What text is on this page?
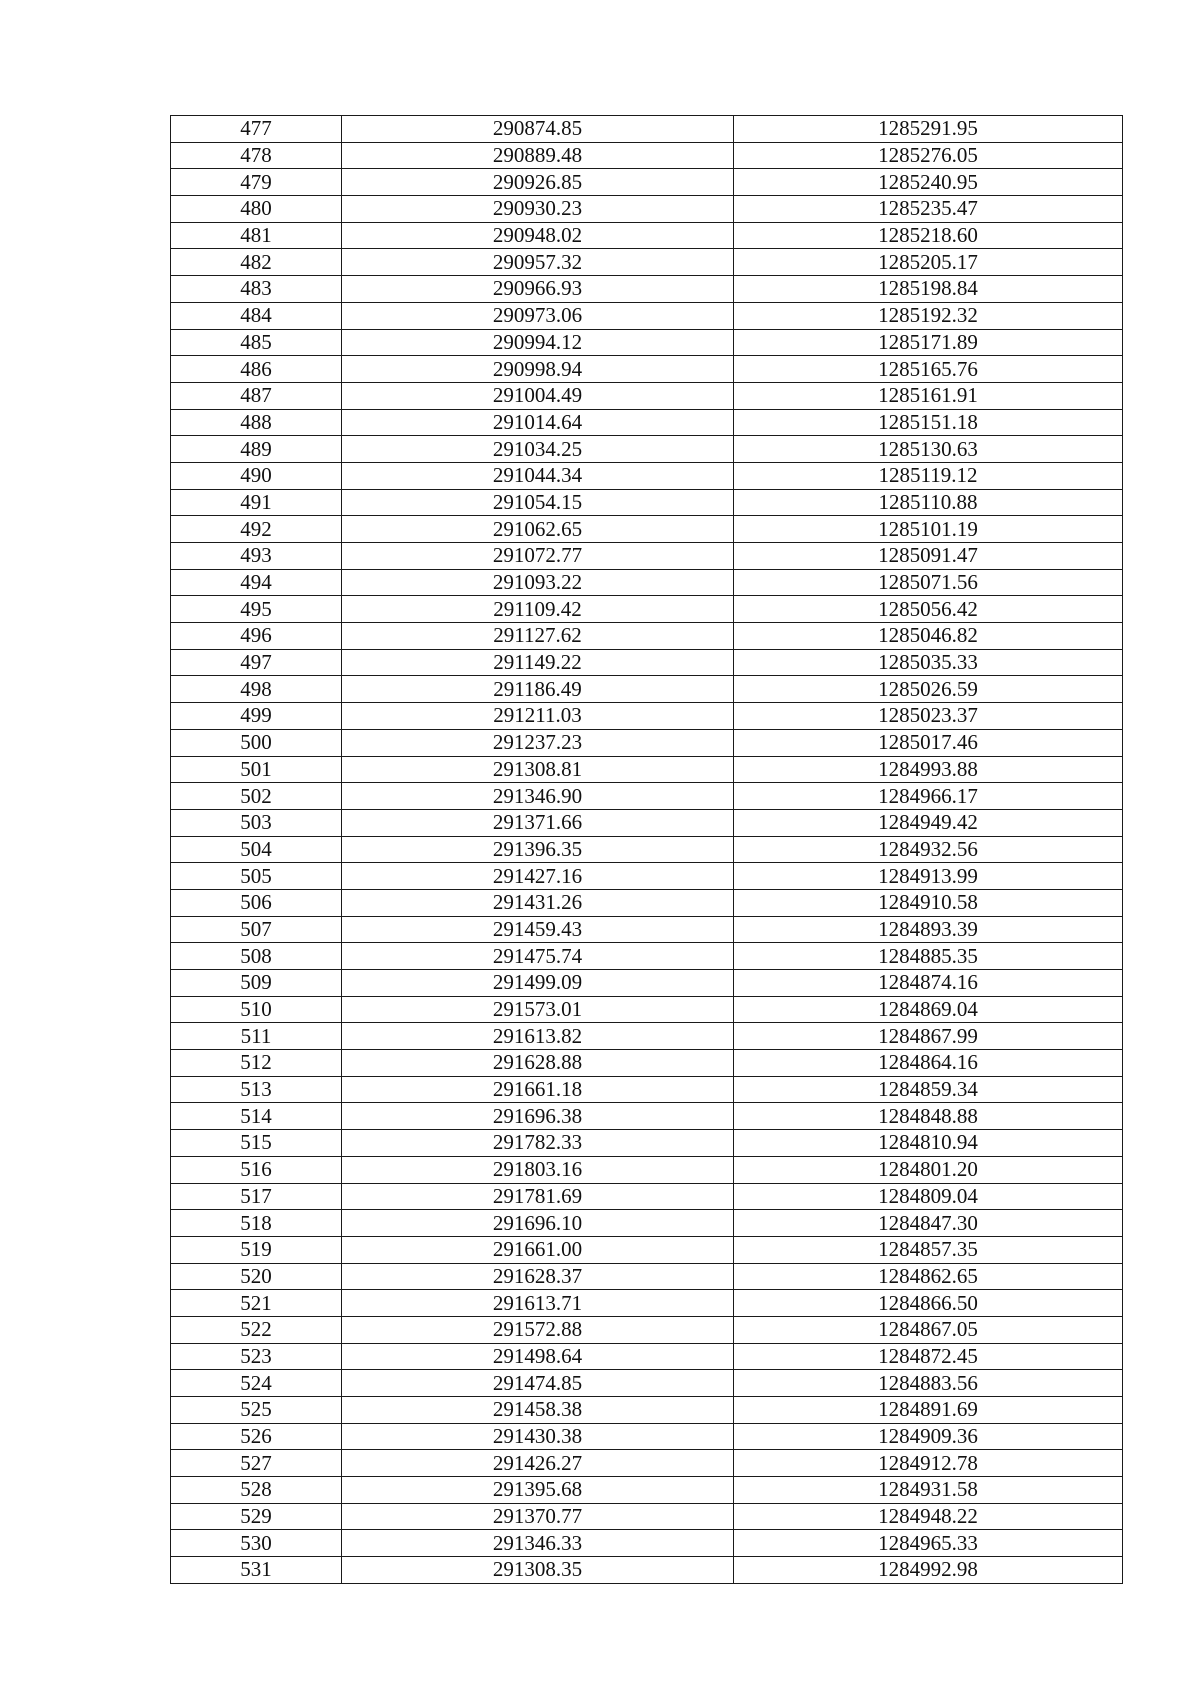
477	290874.85	1285291.95
478	290889.48	1285276.05
479	290926.85	1285240.95
480	290930.23	1285235.47
481	290948.02	1285218.60
482	290957.32	1285205.17
483	290966.93	1285198.84
484	290973.06	1285192.32
485	290994.12	1285171.89
486	290998.94	1285165.76
487	291004.49	1285161.91
488	291014.64	1285151.18
489	291034.25	1285130.63
490	291044.34	1285119.12
491	291054.15	1285110.88
492	291062.65	1285101.19
493	291072.77	1285091.47
494	291093.22	1285071.56
495	291109.42	1285056.42
496	291127.62	1285046.82
497	291149.22	1285035.33
498	291186.49	1285026.59
499	291211.03	1285023.37
500	291237.23	1285017.46
501	291308.81	1284993.88
502	291346.90	1284966.17
503	291371.66	1284949.42
504	291396.35	1284932.56
505	291427.16	1284913.99
506	291431.26	1284910.58
507	291459.43	1284893.39
508	291475.74	1284885.35
509	291499.09	1284874.16
510	291573.01	1284869.04
511	291613.82	1284867.99
512	291628.88	1284864.16
513	291661.18	1284859.34
514	291696.38	1284848.88
515	291782.33	1284810.94
516	291803.16	1284801.20
517	291781.69	1284809.04
518	291696.10	1284847.30
519	291661.00	1284857.35
520	291628.37	1284862.65
521	291613.71	1284866.50
522	291572.88	1284867.05
523	291498.64	1284872.45
524	291474.85	1284883.56
525	291458.38	1284891.69
526	291430.38	1284909.36
527	291426.27	1284912.78
528	291395.68	1284931.58
529	291370.77	1284948.22
530	291346.33	1284965.33
531	291308.35	1284992.98
